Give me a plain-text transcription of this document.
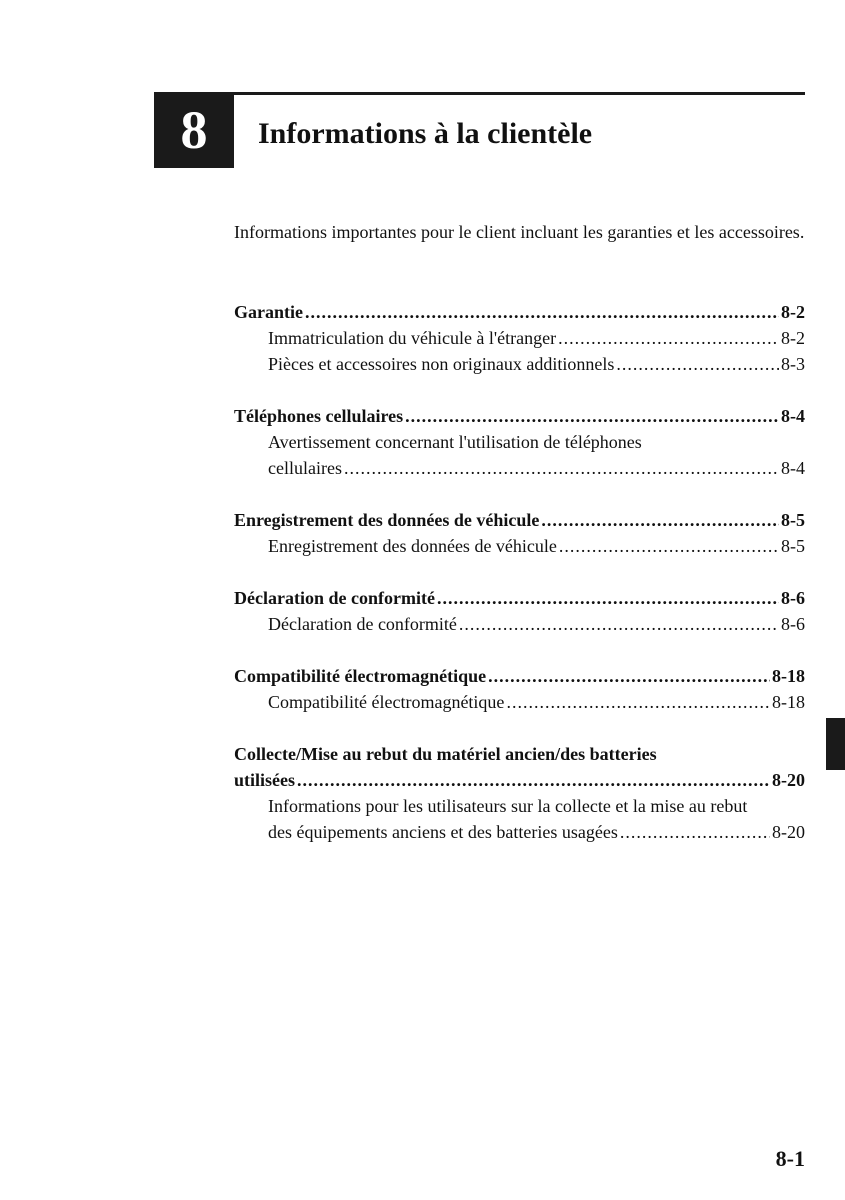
8 Informations à la clientèle
Informations importantes pour le client incluant les garanties et les accessoires.
Garantie .....	8-2
Immatriculation du véhicule à l'étranger .....	8-2
Pièces et accessoires non originaux additionnels .....	8-3
Téléphones cellulaires .....	8-4
Avertissement concernant l'utilisation de téléphones
cellulaires .....	8-4
Enregistrement des données de véhicule .....	8-5
Enregistrement des données de véhicule .....	8-5
Déclaration de conformité .....	8-6
Déclaration de conformité .....	8-6
Compatibilité électromagnétique .....	8-18
Compatibilité électromagnétique .....	8-18
Collecte/Mise au rebut du matériel ancien/des batteries
utilisées .....	8-20
Informations pour les utilisateurs sur la collecte et la mise au rebut
des équipements anciens et des batteries usagées .....	8-20
8-1
